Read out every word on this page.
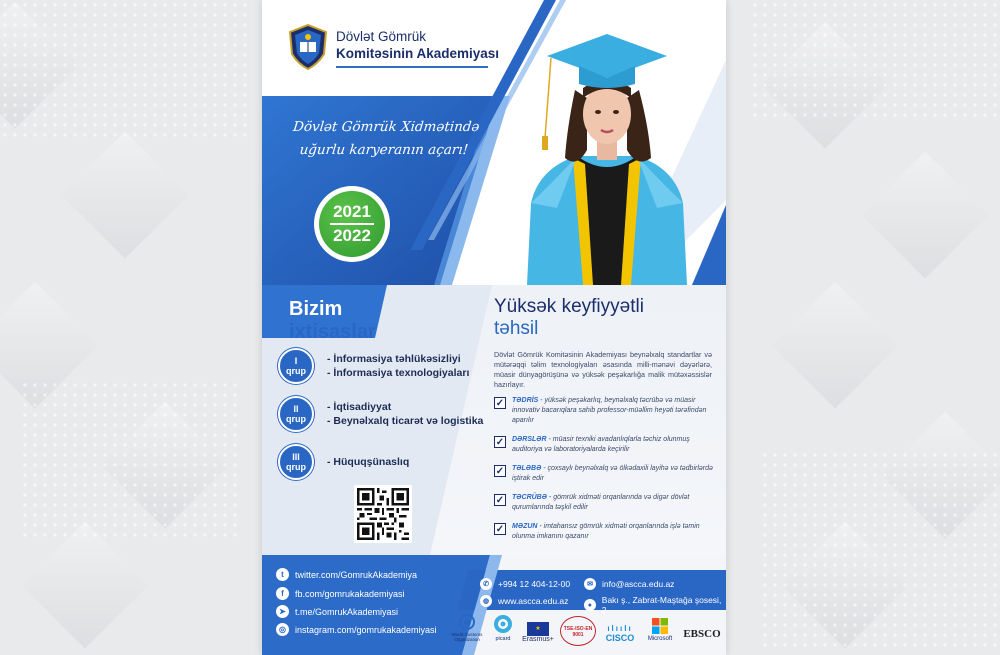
Dövlət Gömrük
Komitəsinin Akademiyası
Dövlət Gömrük Xidmətində
uğurlu karyeranın açarı!
2021
2022
Bizim
ixtisaslar
I
qrup
- İnformasiya təhlükəsizliyi
- İnformasiya texnologiyaları
II
qrup
- İqtisadiyyat
- Beynəlxalq ticarət və logistika
III
qrup - Hüquqşünaslıq
Yüksək keyfiyyətli
təhsil
Dövlət Gömrük Komitəsinin Akademiyası beynəlxalq standartlar və mütərəqqi təlim texnologiyaları əsasında milli-mənəvi dəyərlərə, müasir dünyagörüşünə və yüksək peşəkarlığa malik mütəxəssislər hazırlayır.
✓ TƏDRİS - yüksək peşəkarlıq, beynəlxalq təcrübə və müasir innovativ bacarıqlara sahib professor-müəllim heyəti tərəfindən aparılır
✓ DƏRSLƏR - müasir texniki avadanlıqlarla təchiz olunmuş auditoriya və laboratoriyalarda keçirilir
✓ TƏLƏBƏ - çoxsaylı beynəlxalq və ölkədaxili layihə və tədbirlərdə iştirak edir
✓ TƏCRÜBƏ - gömrük xidməti orqanlarında və digər dövlət qurumlarında təşkil edilir
✓ MƏZUN - imtahansız gömrük xidməti orqanlarında işlə təmin olunma imkanını qazanır
t	twitter.com/GomrukAkademiya
f	fb.com/gomrukakademiyasi
➤	t.me/GomrukAkademiyasi
◎	instagram.com/gomrukakademiyasi
✆	+994 12 404-12-00	✉	info@ascca.edu.az
◍	www.ascca.edu.az	●	Bakı ş., Zabrat-Maştağa şosesi, 2
World Customs
Organization	picard
★
Erasmus+
TSE-ISO-EN
9001
ılıılı
CISCO	Microsoft	EBSCO
